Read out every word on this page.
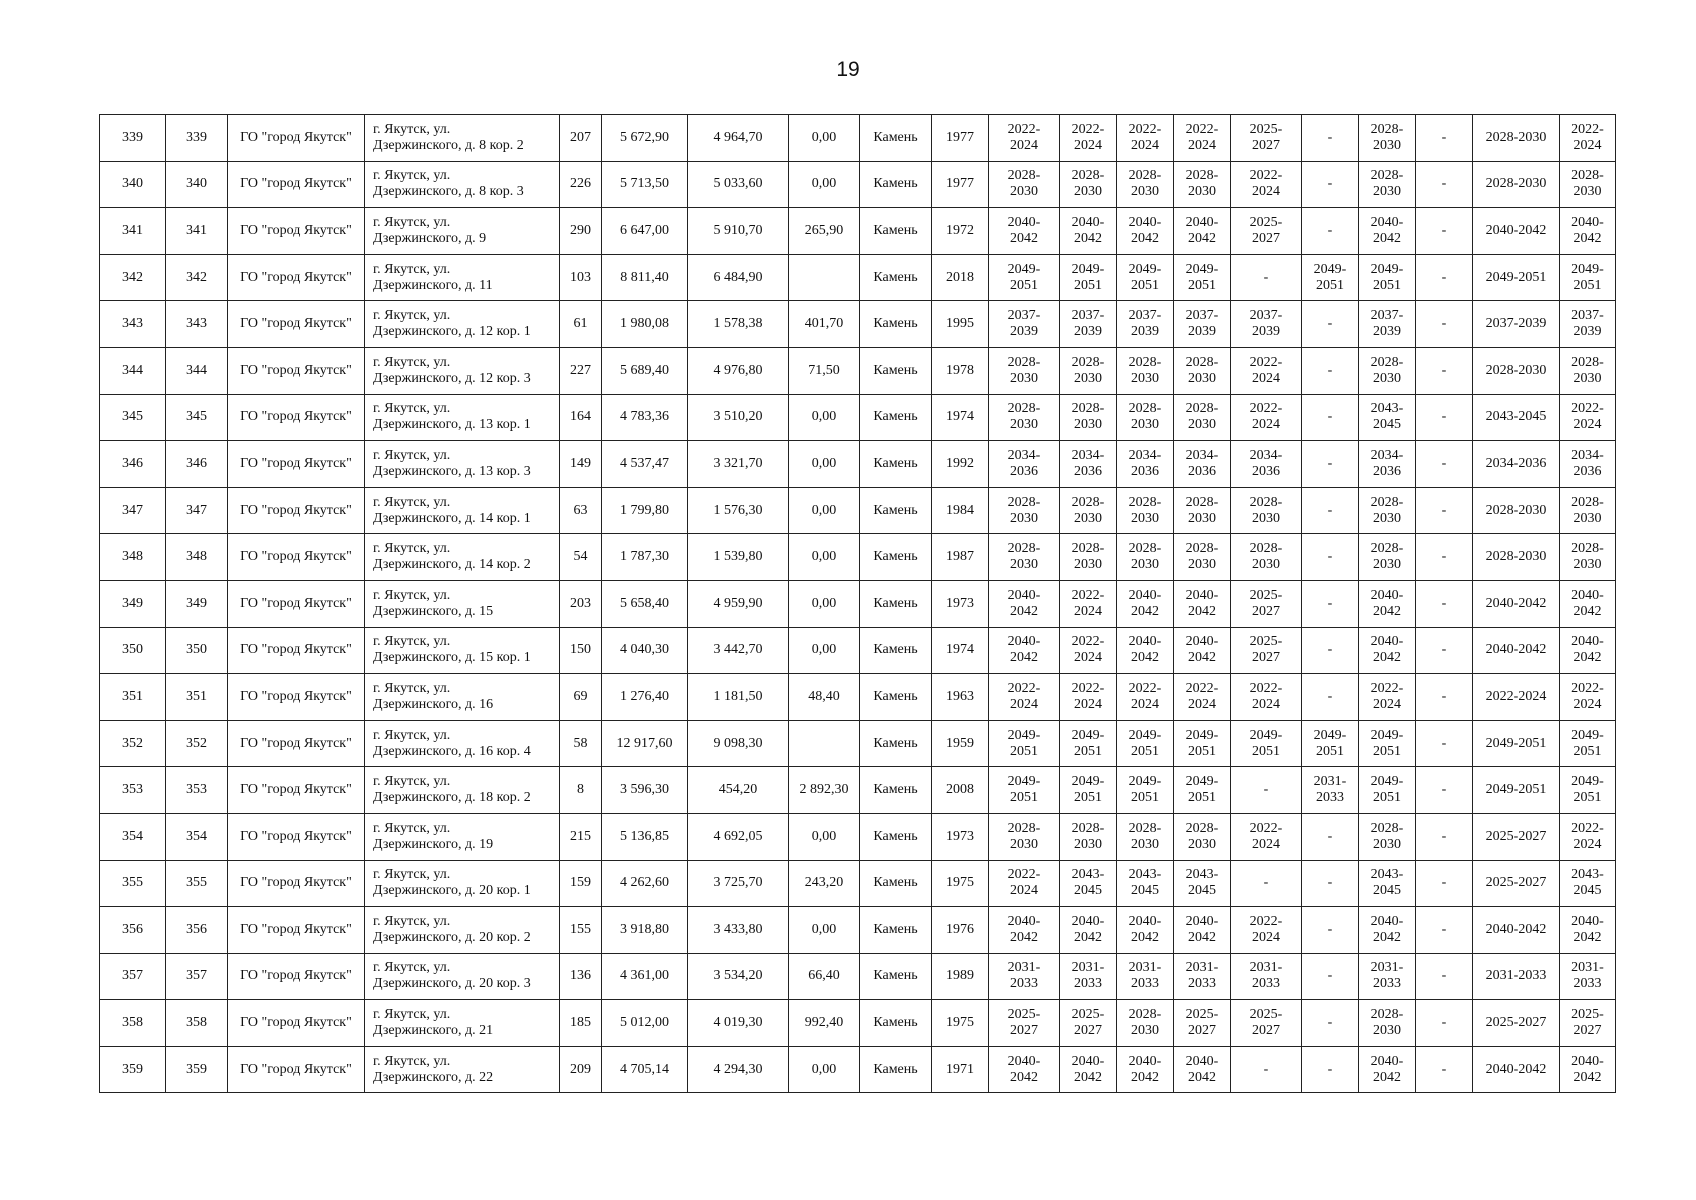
19
339	339	ГО "город Якутск"	г. Якутск, ул.
Дзержинского, д. 8 кор. 2	207	5 672,90	4 964,70	0,00	Камень	1977	2022-
2024	2022-
2024	2022-
2024	2022-
2024	2025-
2027	-	2028-
2030	-	2028-2030	2022-
2024

340	340	ГО "город Якутск"	г. Якутск, ул.
Дзержинского, д. 8 кор. 3	226	5 713,50	5 033,60	0,00	Камень	1977	2028-
2030	2028-
2030	2028-
2030	2028-
2030	2022-
2024	-	2028-
2030	-	2028-2030	2028-
2030

341	341	ГО "город Якутск"	г. Якутск, ул.
Дзержинского, д. 9	290	6 647,00	5 910,70	265,90	Камень	1972	2040-
2042	2040-
2042	2040-
2042	2040-
2042	2025-
2027	-	2040-
2042	-	2040-2042	2040-
2042

342	342	ГО "город Якутск"	г. Якутск, ул.
Дзержинского, д. 11	103	8 811,40	6 484,90		Камень	2018	2049-
2051	2049-
2051	2049-
2051	2049-
2051	-	2049-
2051	2049-
2051	-	2049-2051	2049-
2051

343	343	ГО "город Якутск"	г. Якутск, ул.
Дзержинского, д. 12 кор. 1	61	1 980,08	1 578,38	401,70	Камень	1995	2037-
2039	2037-
2039	2037-
2039	2037-
2039	2037-
2039	-	2037-
2039	-	2037-2039	2037-
2039

344	344	ГО "город Якутск"	г. Якутск, ул.
Дзержинского, д. 12 кор. 3	227	5 689,40	4 976,80	71,50	Камень	1978	2028-
2030	2028-
2030	2028-
2030	2028-
2030	2022-
2024	-	2028-
2030	-	2028-2030	2028-
2030

345	345	ГО "город Якутск"	г. Якутск, ул.
Дзержинского, д. 13 кор. 1	164	4 783,36	3 510,20	0,00	Камень	1974	2028-
2030	2028-
2030	2028-
2030	2028-
2030	2022-
2024	-	2043-
2045	-	2043-2045	2022-
2024

346	346	ГО "город Якутск"	г. Якутск, ул.
Дзержинского, д. 13 кор. 3	149	4 537,47	3 321,70	0,00	Камень	1992	2034-
2036	2034-
2036	2034-
2036	2034-
2036	2034-
2036	-	2034-
2036	-	2034-2036	2034-
2036

347	347	ГО "город Якутск"	г. Якутск, ул.
Дзержинского, д. 14 кор. 1	63	1 799,80	1 576,30	0,00	Камень	1984	2028-
2030	2028-
2030	2028-
2030	2028-
2030	2028-
2030	-	2028-
2030	-	2028-2030	2028-
2030

348	348	ГО "город Якутск"	г. Якутск, ул.
Дзержинского, д. 14 кор. 2	54	1 787,30	1 539,80	0,00	Камень	1987	2028-
2030	2028-
2030	2028-
2030	2028-
2030	2028-
2030	-	2028-
2030	-	2028-2030	2028-
2030

349	349	ГО "город Якутск"	г. Якутск, ул.
Дзержинского, д. 15	203	5 658,40	4 959,90	0,00	Камень	1973	2040-
2042	2022-
2024	2040-
2042	2040-
2042	2025-
2027	-	2040-
2042	-	2040-2042	2040-
2042

350	350	ГО "город Якутск"	г. Якутск, ул.
Дзержинского, д. 15 кор. 1	150	4 040,30	3 442,70	0,00	Камень	1974	2040-
2042	2022-
2024	2040-
2042	2040-
2042	2025-
2027	-	2040-
2042	-	2040-2042	2040-
2042

351	351	ГО "город Якутск"	г. Якутск, ул.
Дзержинского, д. 16	69	1 276,40	1 181,50	48,40	Камень	1963	2022-
2024	2022-
2024	2022-
2024	2022-
2024	2022-
2024	-	2022-
2024	-	2022-2024	2022-
2024

352	352	ГО "город Якутск"	г. Якутск, ул.
Дзержинского, д. 16 кор. 4	58	12 917,60	9 098,30		Камень	1959	2049-
2051	2049-
2051	2049-
2051	2049-
2051	2049-
2051	2049-
2051	2049-
2051	-	2049-2051	2049-
2051

353	353	ГО "город Якутск"	г. Якутск, ул.
Дзержинского, д. 18 кор. 2	8	3 596,30	454,20	2 892,30	Камень	2008	2049-
2051	2049-
2051	2049-
2051	2049-
2051	-	2031-
2033	2049-
2051	-	2049-2051	2049-
2051

354	354	ГО "город Якутск"	г. Якутск, ул.
Дзержинского, д. 19	215	5 136,85	4 692,05	0,00	Камень	1973	2028-
2030	2028-
2030	2028-
2030	2028-
2030	2022-
2024	-	2028-
2030	-	2025-2027	2022-
2024

355	355	ГО "город Якутск"	г. Якутск, ул.
Дзержинского, д. 20 кор. 1	159	4 262,60	3 725,70	243,20	Камень	1975	2022-
2024	2043-
2045	2043-
2045	2043-
2045	-	-	2043-
2045	-	2025-2027	2043-
2045

356	356	ГО "город Якутск"	г. Якутск, ул.
Дзержинского, д. 20 кор. 2	155	3 918,80	3 433,80	0,00	Камень	1976	2040-
2042	2040-
2042	2040-
2042	2040-
2042	2022-
2024	-	2040-
2042	-	2040-2042	2040-
2042

357	357	ГО "город Якутск"	г. Якутск, ул.
Дзержинского, д. 20 кор. 3	136	4 361,00	3 534,20	66,40	Камень	1989	2031-
2033	2031-
2033	2031-
2033	2031-
2033	2031-
2033	-	2031-
2033	-	2031-2033	2031-
2033

358	358	ГО "город Якутск"	г. Якутск, ул.
Дзержинского, д. 21	185	5 012,00	4 019,30	992,40	Камень	1975	2025-
2027	2025-
2027	2028-
2030	2025-
2027	2025-
2027	-	2028-
2030	-	2025-2027	2025-
2027

359	359	ГО "город Якутск"	г. Якутск, ул.
Дзержинского, д. 22	209	4 705,14	4 294,30	0,00	Камень	1971	2040-
2042	2040-
2042	2040-
2042	2040-
2042	-	-	2040-
2042	-	2040-2042	2040-
2042
